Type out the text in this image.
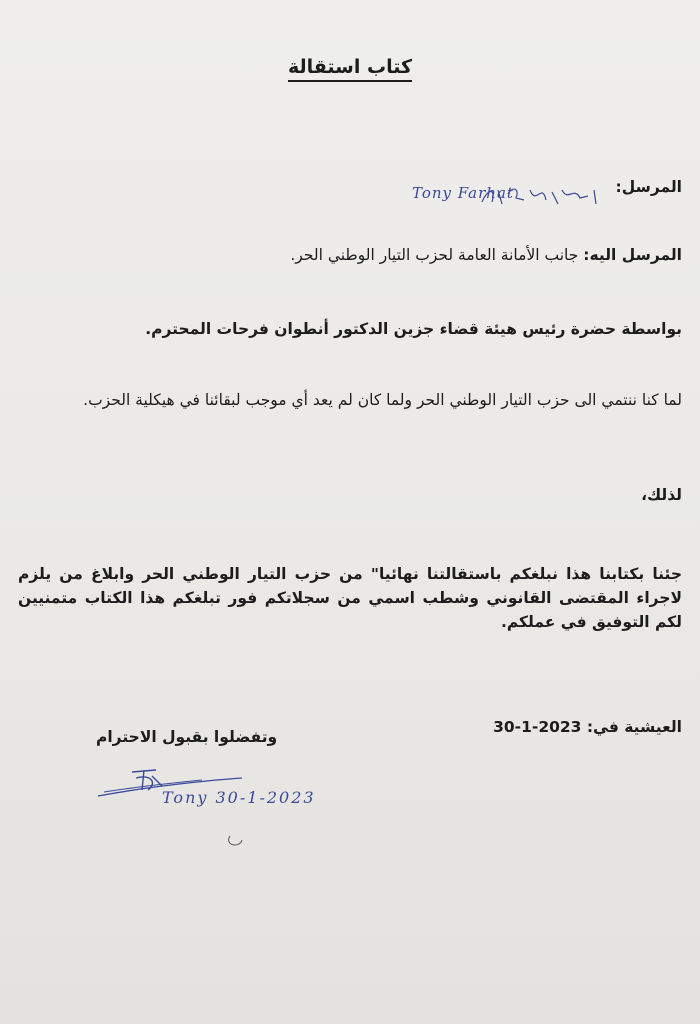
كتاب استقالة
المرسل:
Tony Farhat
المرسل اليه: جانب الأمانة العامة لحزب التيار الوطني الحر.
بواسطة حضرة رئيس هيئة قضاء جزين الدكتور أنطوان فرحات المحترم.
لما كنا ننتمي الى حزب التيار الوطني الحر ولما كان لم يعد أي موجب لبقائنا في هيكلية الحزب.
لذلك،
جئنا بكتابنا هذا نبلغكم باستقالتنا نهائيا" من حزب التيار الوطني الحر وابلاغ من يلزم لاجراء المقتضى القانوني وشطب اسمي من سجلاتكم فور تبلغكم هذا الكتاب متمنيين لكم التوفيق في عملكم.
العيشية في: 2023-1-30
وتفضلوا بقبول الاحترام
Tony 30-1-2023
